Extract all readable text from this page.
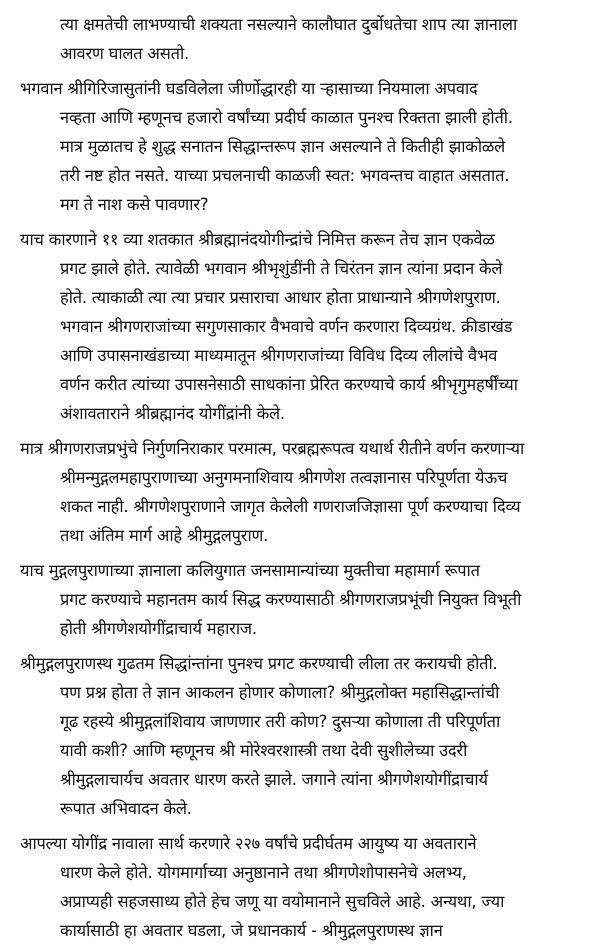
त्या क्षमतेची लाभण्याची शक्यता नसल्याने कालौघात दुर्बोधतेचा शाप त्या ज्ञानाला
आवरण घालत असतो.
भगवान श्रीगिरिजासुतांनी घडविलेला जीर्णोद्धारही या ऱ्हासाच्या नियमाला अपवाद
नव्हता आणि म्हणूनच हजारो वर्षांच्या प्रदीर्घ काळात पुनश्च रिक्तता झाली होती.
मात्र मुळातच हे शुद्ध सनातन सिद्धान्तरूप ज्ञान असल्याने ते कितीही झाकोळले
तरी नष्ट होत नसते. याच्या प्रचलनाची काळजी स्वत: भगवन्तच वाहात असतात.
मग ते नाश कसे पावणार?
याच कारणाने ११ व्या शतकात श्रीब्रह्मानंदयोगीन्द्रांचे निमित्त करून तेच ज्ञान एकवेळ
प्रगट झाले होते. त्यावेळी भगवान श्रीभृशुंडींनी ते चिरंतन ज्ञान त्यांना प्रदान केले
होते. त्याकाळी त्या त्या प्रचार प्रसाराचा आधार होता प्राधान्याने श्रीगणेशपुराण.
भगवान श्रीगणराजांच्या सगुणसाकार वैभवाचे वर्णन करणारा दिव्यग्रंथ. क्रीडाखंड
आणि उपासनाखंडाच्या माध्यमातून श्रीगणराजांच्या विविध दिव्य लीलांचे वैभव
वर्णन करीत त्यांच्या उपासनेसाठी साधकांना प्रेरित करण्याचे कार्य श्रीभृगुमहर्षींच्या
अंशावताराने श्रीब्रह्मानंद योगींद्रांनी केले.
मात्र श्रीगणराजप्रभुंचे निर्गुणनिराकार परमात्म, परब्रह्मरूपत्व यथार्थ रीतीने वर्णन करणाऱ्या
श्रीमन्मुद्गलमहापुराणाच्या अनुगमनाशिवाय श्रीगणेश तत्वज्ञानास परिपूर्णता येऊच
शकत नाही. श्रीगणेशपुराणाने जागृत केलेली गणराजजिज्ञासा पूर्ण करण्याचा दिव्य
तथा अंतिम मार्ग आहे श्रीमुद्गलपुराण.
याच मुद्गलपुराणाच्या ज्ञानाला कलियुगात जनसामान्यांच्या मुक्तीचा महामार्ग रूपात
प्रगट करण्याचे महानतम कार्य सिद्ध करण्यासाठी श्रीगणराजप्रभूंची नियुक्त विभूती
होती श्रीगणेशयोगींद्राचार्य महाराज.
श्रीमुद्गलपुराणस्थ गुढतम सिद्धांन्तांना पुनश्च प्रगट करण्याची लीला तर करायची होती.
पण प्रश्न होता ते ज्ञान आकलन होणार कोणाला? श्रीमुद्गलोक्त महासिद्धान्तांची
गूढ रहस्ये श्रीमुद्गलांशिवाय जाणणार तरी कोण? दुसऱ्या कोणाला ती परिपूर्णता
यावी कशी? आणि म्हणूनच श्री मोरेश्वरशास्त्री तथा देवी सुशीलेच्या उदरी
श्रीमुद्गलाचार्यच अवतार धारण करते झाले. जगाने त्यांना श्रीगणेशयोगींद्राचार्य
रूपात अभिवादन केले.
आपल्या योगींद्र नावाला सार्थ करणारे २२७ वर्षांचे प्रदीर्घतम आयुष्य या अवताराने
धारण केले होते. योगमार्गाच्या अनुष्ठानाने तथा श्रीगणेशोपासनेचे अलभ्य,
अप्राप्यही सहजसाध्य होते हेच जणू या वयोमानाने सुचविले आहे. अन्यथा, ज्या
कार्यासाठी हा अवतार घडला, जे प्रधानकार्य - श्रीमुद्गलपुराणस्थ ज्ञान
